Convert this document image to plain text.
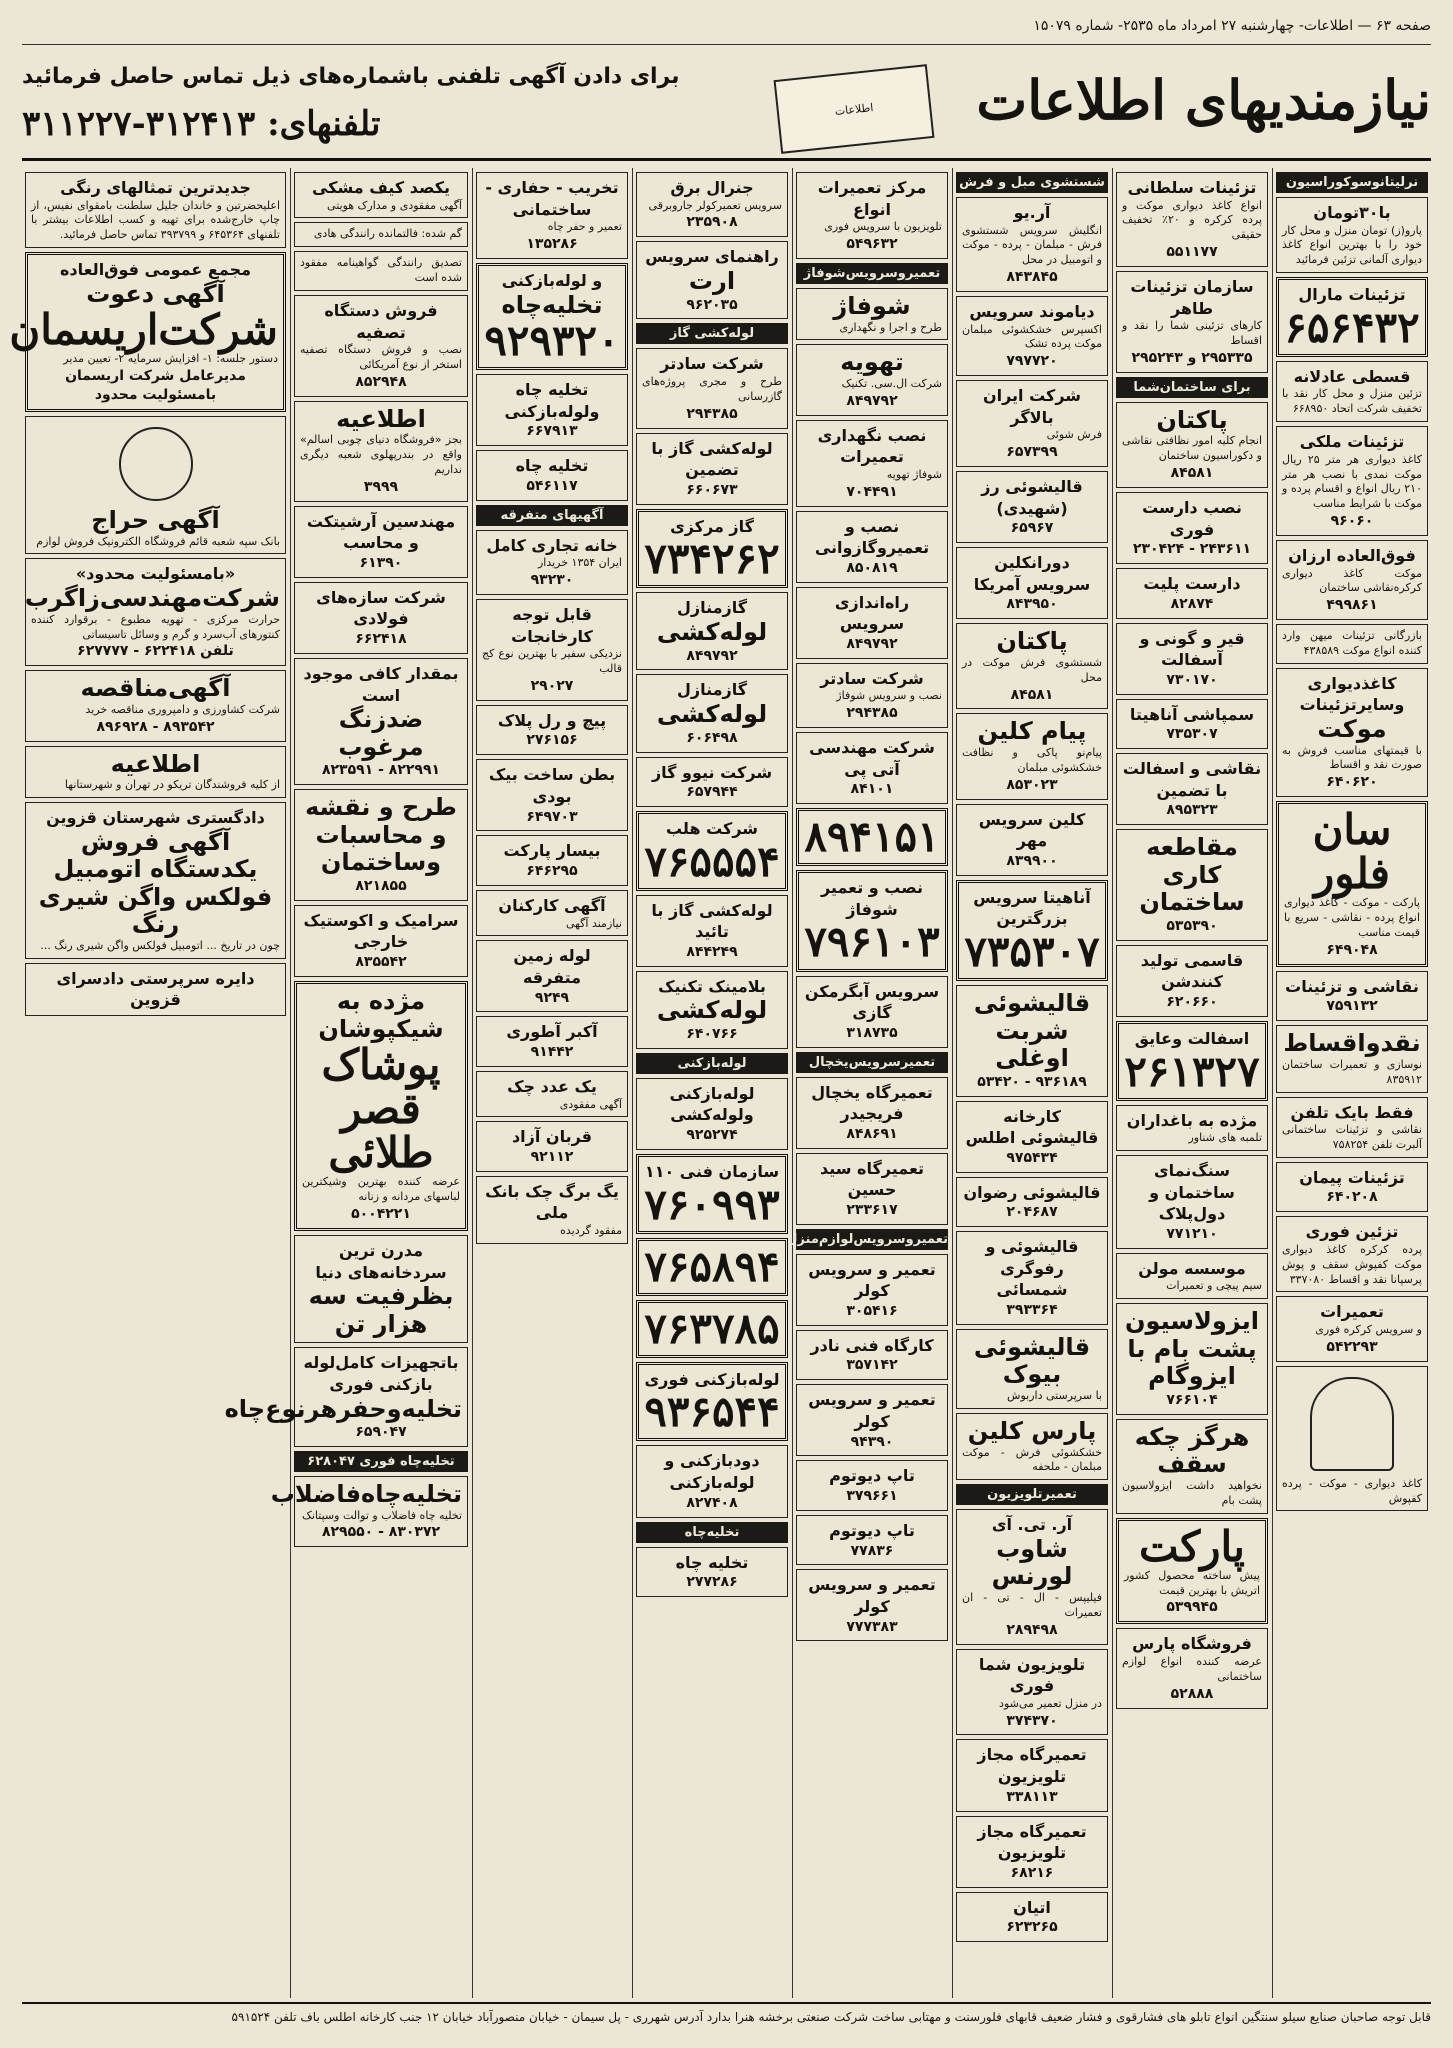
صفحه ۶۳ — اطلاعات- چهارشنبه ۲۷ امرداد ماه ۲۵۳۵- شماره ۱۵۰۷۹
نیازمندیهای اطلاعات
اطلاعات
برای دادن آگهی تلفنی باشماره‌های ذیل تماس حاصل فرمائید
تلفنهای: ۳۱۲۴۱۳-۳۱۱۲۲۷
نرلیتانوسوکوراسیون
با۳۰تومان
پارو(ز) تومان منزل و محل کار خود را با بهترین انواع کاغذ دیواری آلمانی تزئین فرمائید
تزئینات مارال
۶۵۶۴۳۲
قسطی عادلانه
تزئین منزل و محل کار نقد با تخفیف شرکت اتحاد ۶۶۸۹۵۰
تزئینات ملکی
کاغذ دیواری هر متر ۲۵ ریال موکت نمدی با نصب هر متر ۲۱۰ ریال انواع و اقسام پرده و موکت با شرایط مناسب
۹۶۰۶۰
فوق‌العاده ارزان
موکت کاغذ دیواری کرکره‌نقاشی ساختمان
۴۹۹۸۶۱
بازرگانی تزئینات میهن وارد کننده انواع موکت ۴۳۸۵۸۹
کاغذدیواری وسایرتزئینات
موکت
با قیمتهای مناسب فروش به صورت نقد و اقساط
۶۴۰۶۲۰
سان فلور
پارکت - موکت - کاغذ دیواری انواع پرده - نقاشی - سریع با قیمت مناسب
۶۴۹۰۴۸
نقاشی و تزئینات
۷۵۹۱۳۲
نقدواقساط
نوسازی و تعمیرات ساختمان ۸۳۵۹۱۲
فقط بایک تلفن
نقاشی و تزئینات ساختمانی آلبرت تلفن ۷۵۸۲۵۴
تزئینات پیمان
۶۴۰۲۰۸
تزئین فوری
پرده کرکره کاغذ دیواری موکت کفپوش سقف و پوش پرسپانا نقد و اقساط ۳۳۷۰۸۰
تعمیرات
و سرویس کرکره فوری
۵۴۲۲۹۳
کاغذ دیواری - موکت - پرده کفپوش
تزئینات سلطانی
انواع کاغذ دیواری موکت و پرده کرکره و ۲۰٪ تخفیف حقیقی
۵۵۱۱۷۷
سازمان تزئینات طاهر
کارهای تزئینی شما را نقد و اقساط
۲۹۵۳۳۵ و ۲۹۵۲۴۳
برای ساختمان‌شما
پاکتان
انجام کلیه امور نظافتی نقاشی و دکوراسیون ساختمان
۸۴۵۸۱
نصب دارست فوری
۲۴۳۶۱۱ - ۲۳۰۴۲۴
دارست پلیت
۸۲۸۷۴
قیر و گونی و آسفالت
۷۳۰۱۷۰
سمپاشی آناهیتا
۷۳۵۳۰۷
نقاشی و اسفالت با تضمین
۸۹۵۳۲۳
مقاطعه کاری ساختمان
۵۳۵۳۹۰
قاسمی تولید کنندشن
۶۲۰۶۶۰
اسفالت وعایق
۲۶۱۳۲۷
مژده به باغداران
تلمبه های شناور
سنگ‌نمای ساختمان و دول‌پلاک
۷۷۱۲۱۰
موسسه مولن
سیم پیچی و تعمیرات
ایزولاسیون پشت بام با ایزوگام
۷۶۶۱۰۴
هرگز چکه سقف
نخواهید داشت ایزولاسیون پشت بام
پارکت
پیش ساخته محصول کشور اتریش با بهترین قیمت
۵۳۹۹۴۵
فروشگاه پارس
عرضه کننده انواع لوازم ساختمانی
۵۲۸۸۸
شستشوی مبل و فرش
آر.یو
انگلیش سرویس شستشوی فرش - مبلمان - پرده - موکت و اتومبیل در محل
۸۴۳۸۴۵
دیاموند سرویس
اکسپرس خشکشوئی مبلمان موکت پرده تشک
۷۹۷۷۲۰
شرکت ایران بالاگر
فرش شوئی
۶۵۷۳۹۹
قالیشوئی رز (شهیدی)
۶۵۹۶۷
دورانکلین سرویس آمریکا
۸۴۳۹۵۰
پاکتان
شستشوی فرش موکت در محل
۸۴۵۸۱
پیام کلین
پیام‌نو پاکی و نظافت خشکشوئی مبلمان
۸۵۳۰۲۳
کلین سرویس مهر
۸۳۹۹۰۰
آناهیتا سرویس بزرگترین
۷۳۵۳۰۷
قالیشوئی شربت اوغلی
۹۳۶۱۸۹ - ۵۳۴۲۰
کارخانه قالیشوئی اطلس
۹۷۵۴۳۴
قالیشوئی رضوان
۲۰۴۶۸۷
قالیشوئی و رفوگری شمسائی
۳۹۳۳۶۴
قالیشوئی بیوک
با سرپرستی داربوش
پارس کلین
خشکشوئی فرش - موکت مبلمان - ملحفه
تعمیرتلویزیون
آر. تی. آی
شاوب لورنس
فیلیپس - ال - تی - ان تعمیرات
۲۸۹۴۹۸
تلویزیون شما فوری
در منزل تعمیر می‌شود
۳۷۴۳۷۰
تعمیرگاه مجاز تلویزیون
۳۳۸۱۱۳
تعمیرگاه مجاز تلویزیون
۶۸۲۱۶
اتیان
۶۲۳۲۶۵
مرکز تعمیرات انواع
تلویزیون با سرویس فوری
۵۴۹۶۳۲
تعمیروسرویس‌شوفاژ
شوفاژ
طرح و اجرا و نگهداری
تهویه
شرکت ال.سی. تکنیک
۸۴۹۷۹۲
نصب نگهداری تعمیرات
شوفاژ تهویه
۷۰۴۴۹۱
نصب و تعمیروگازوانی
۸۵۰۸۱۹
راه‌اندازی سرویس
۸۴۹۷۹۲
شرکت سادتر
نصب و سرویس شوفاژ
۲۹۴۳۸۵
شرکت مهندسی آتی پی
۸۴۱۰۱
۸۹۴۱۵۱
نصب و تعمیر شوفاژ
۷۹۶۱۰۳
سرویس آبگرمکن گازی
۳۱۸۷۳۵
تعمیرسرویس‌یخچال
تعمیرگاه یخچال فریجیدر
۸۴۸۶۹۱
تعمیرگاه سید حسین
۲۳۳۶۱۷
تعمیروسرویس‌لوازم‌منزل
تعمیر و سرویس کولر
۳۰۵۴۱۶
کارگاه فنی نادر
۳۵۷۱۴۲
تعمیر و سرویس کولر
۹۴۳۹۰
تاپ دیوتوم
۳۷۹۶۶۱
تاپ دیوتوم
۷۷۸۳۶
تعمیر و سرویس کولر
۷۷۷۳۸۳
جنرال برق
سرویس تعمیرکولر جاروبرقی
۲۳۵۹۰۸
راهنمای سرویس
ارت
۹۶۲۰۳۵
لوله‌کشی گاز
شرکت سادتر
طرح و مجری پروژه‌های گازرسانی
۲۹۴۳۸۵
لوله‌کشی گاز با تضمین
۶۶۰۶۷۳
گاز مرکزی
۷۳۴۲۶۲
گازمنازل
لوله‌کشی
۸۴۹۷۹۲
گازمنازل
لوله‌کشی
۶۰۶۴۹۸
شرکت نیوو گاز
۶۵۷۹۴۴
شرکت هلب
۷۶۵۵۵۴
لوله‌کشی گاز با تائید
۸۴۴۲۴۹
بلامینک تکنیک
لوله‌کشی
۶۴۰۷۶۶
لوله‌بازکنی
لوله‌بازکنی ولوله‌کشی
۹۲۵۲۷۴
سازمان فنی ۱۱۰
۷۶۰۹۹۳
۷۶۵۸۹۴
۷۶۳۷۸۵
لوله‌بازکنی فوری
۹۳۶۵۴۴
دودبازکنی و لوله‌بازکنی
۸۲۷۴۰۸
تخلیه‌چاه
تخلیه چاه
۲۷۷۲۸۶
تخریب - حفاری - ساختمانی
تعمیر و حفر چاه
۱۳۵۲۸۶
و لوله‌بازکنی
تخلیه‌چاه
۹۲۹۳۲۰
تخلیه چاه ولوله‌بازکنی
۶۶۷۹۱۳
تخلیه چاه
۵۴۶۱۱۷
آگهیهای متفرقه
خانه تجاری کامل
ایران ۱۳۵۴ خریدار
۹۳۲۳۰
قابل توجه کارخانجات
نزدیکی سفیر با بهترین نوع کج قالب
۲۹۰۲۷
پیچ و رل پلاک
۲۷۶۱۵۶
بطن ساخت بیک بودی
۶۴۹۷۰۳
بیسار پارکت
۶۴۶۲۹۵
آگهی کارکنان
نیازمند آگهی
لوله زمین متفرقه
۹۲۴۹
آکبر آطوری
۹۱۴۴۲
یک عدد چک
آگهی مفقودی
قربان آزاد
۹۲۱۱۲
یگ برگ چک بانک ملی
مفقود گردیده
یکصد کیف مشکی
آگهی مفقودی و مدارک هویتی
گم شده: فالتمانده رانندگی هادی
تصدیق رانندگی گواهینامه مفقود شده است
فروش دستگاه تصفیه
نصب و فروش دستگاه تصفیه استخر از نوع آمریکائی
۸۵۲۹۴۸
اطلاعیه
بجز «فروشگاه دنیای چوبی اسالم» واقع در بندرپهلوی شعبه دیگری نداریم
۳۹۹۹
مهندسین آرشیتکت و محاسب
۶۱۳۹۰
شرکت سازه‌های فولادی
۶۶۲۴۱۸
بمقدار کافی موجود است
ضدزنگ مرغوب
۸۲۲۹۹۱ - ۸۲۳۵۹۱
طرح و نقشه و محاسبات وساختمان
۸۲۱۸۵۵
سرامیک و اکوستیک خارجی
۸۳۵۵۴۲
مژده به شیکپوشان
پوشاک قصر طلائی
عرضه کننده بهترین وشیکترین لباسهای مردانه و زنانه
۵۰۰۴۲۲۱
مدرن ترین سردخانه‌های دنیا
بظرفیت سه هزار تن
باتجهیزات کامل‌لوله بازکنی فوری
تخلیه‌وحفرهرنوع‌چاه
۶۵۹۰۴۷
تخلیه‌چاه فوری ۶۲۸۰۴۷
تخلیه‌چاه‌فاضلاب
تخلیه چاه فاضلاب و توالت وسپتانک
۸۳۰۳۷۲ - ۸۲۹۵۵۰
جدیدترین تمثالهای رنگی
اعلیحضرتین و خاندان جلیل سلطنت بامقوای نفیس، از چاپ خارج‌شده برای تهیه و کسب اطلاعات بیشتر با تلفنهای ۶۴۵۳۶۴ و ۳۹۳۷۹۹ تماس حاصل فرمائید.
مجمع عمومی فوق‌العاده
آگهی دعوت
شرکت‌اریسمان
دستور جلسه: ۱- افزایش سرمایه ۲- تعیین مدیر
مدیرعامل شرکت اریسمان بامسئولیت محدود
آگهی حراج
بانک سپه شعبه قائم فروشگاه الکترونیک فروش لوازم
«بامسئولیت محدود»
شرکت‌مهندسی‌زاگرب
حرارت مرکزی - تهویه مطبوع - برقوارد کننده کنتورهای آب‌سرد و گرم و وسائل تاسیساتی
تلفن ۶۲۲۴۱۸ - ۶۲۷۷۷۷
آگهی‌مناقصه
شرکت کشاورزی و دامپروری مناقصه خرید
۸۹۳۵۴۲ - ۸۹۶۹۲۸
اطلاعیه
از کلیه فروشندگان تریکو در تهران و شهرستانها
دادگستری شهرستان قزوین
آگهی فروش یکدستگاه اتومبیل فولکس واگن شیری رنگ
چون در تاریخ ... اتومبیل فولکس واگن شیری رنگ ...
دایره سرپرستی دادسرای قزوین
قابل توجه صاحبان صنایع سیلو سنتگین انواع تابلو های فشارقوی و فشار ضعیف قابهای فلورسنت و مهتابی ساخت شرکت صنعتی برخشه هنرا بدارد آدرس شهرری - پل ‌سیمان - خیابان منصورآباد خیابان ۱۲ جنب کارخانه اطلس باف تلفن ۵۹۱۵۲۴
